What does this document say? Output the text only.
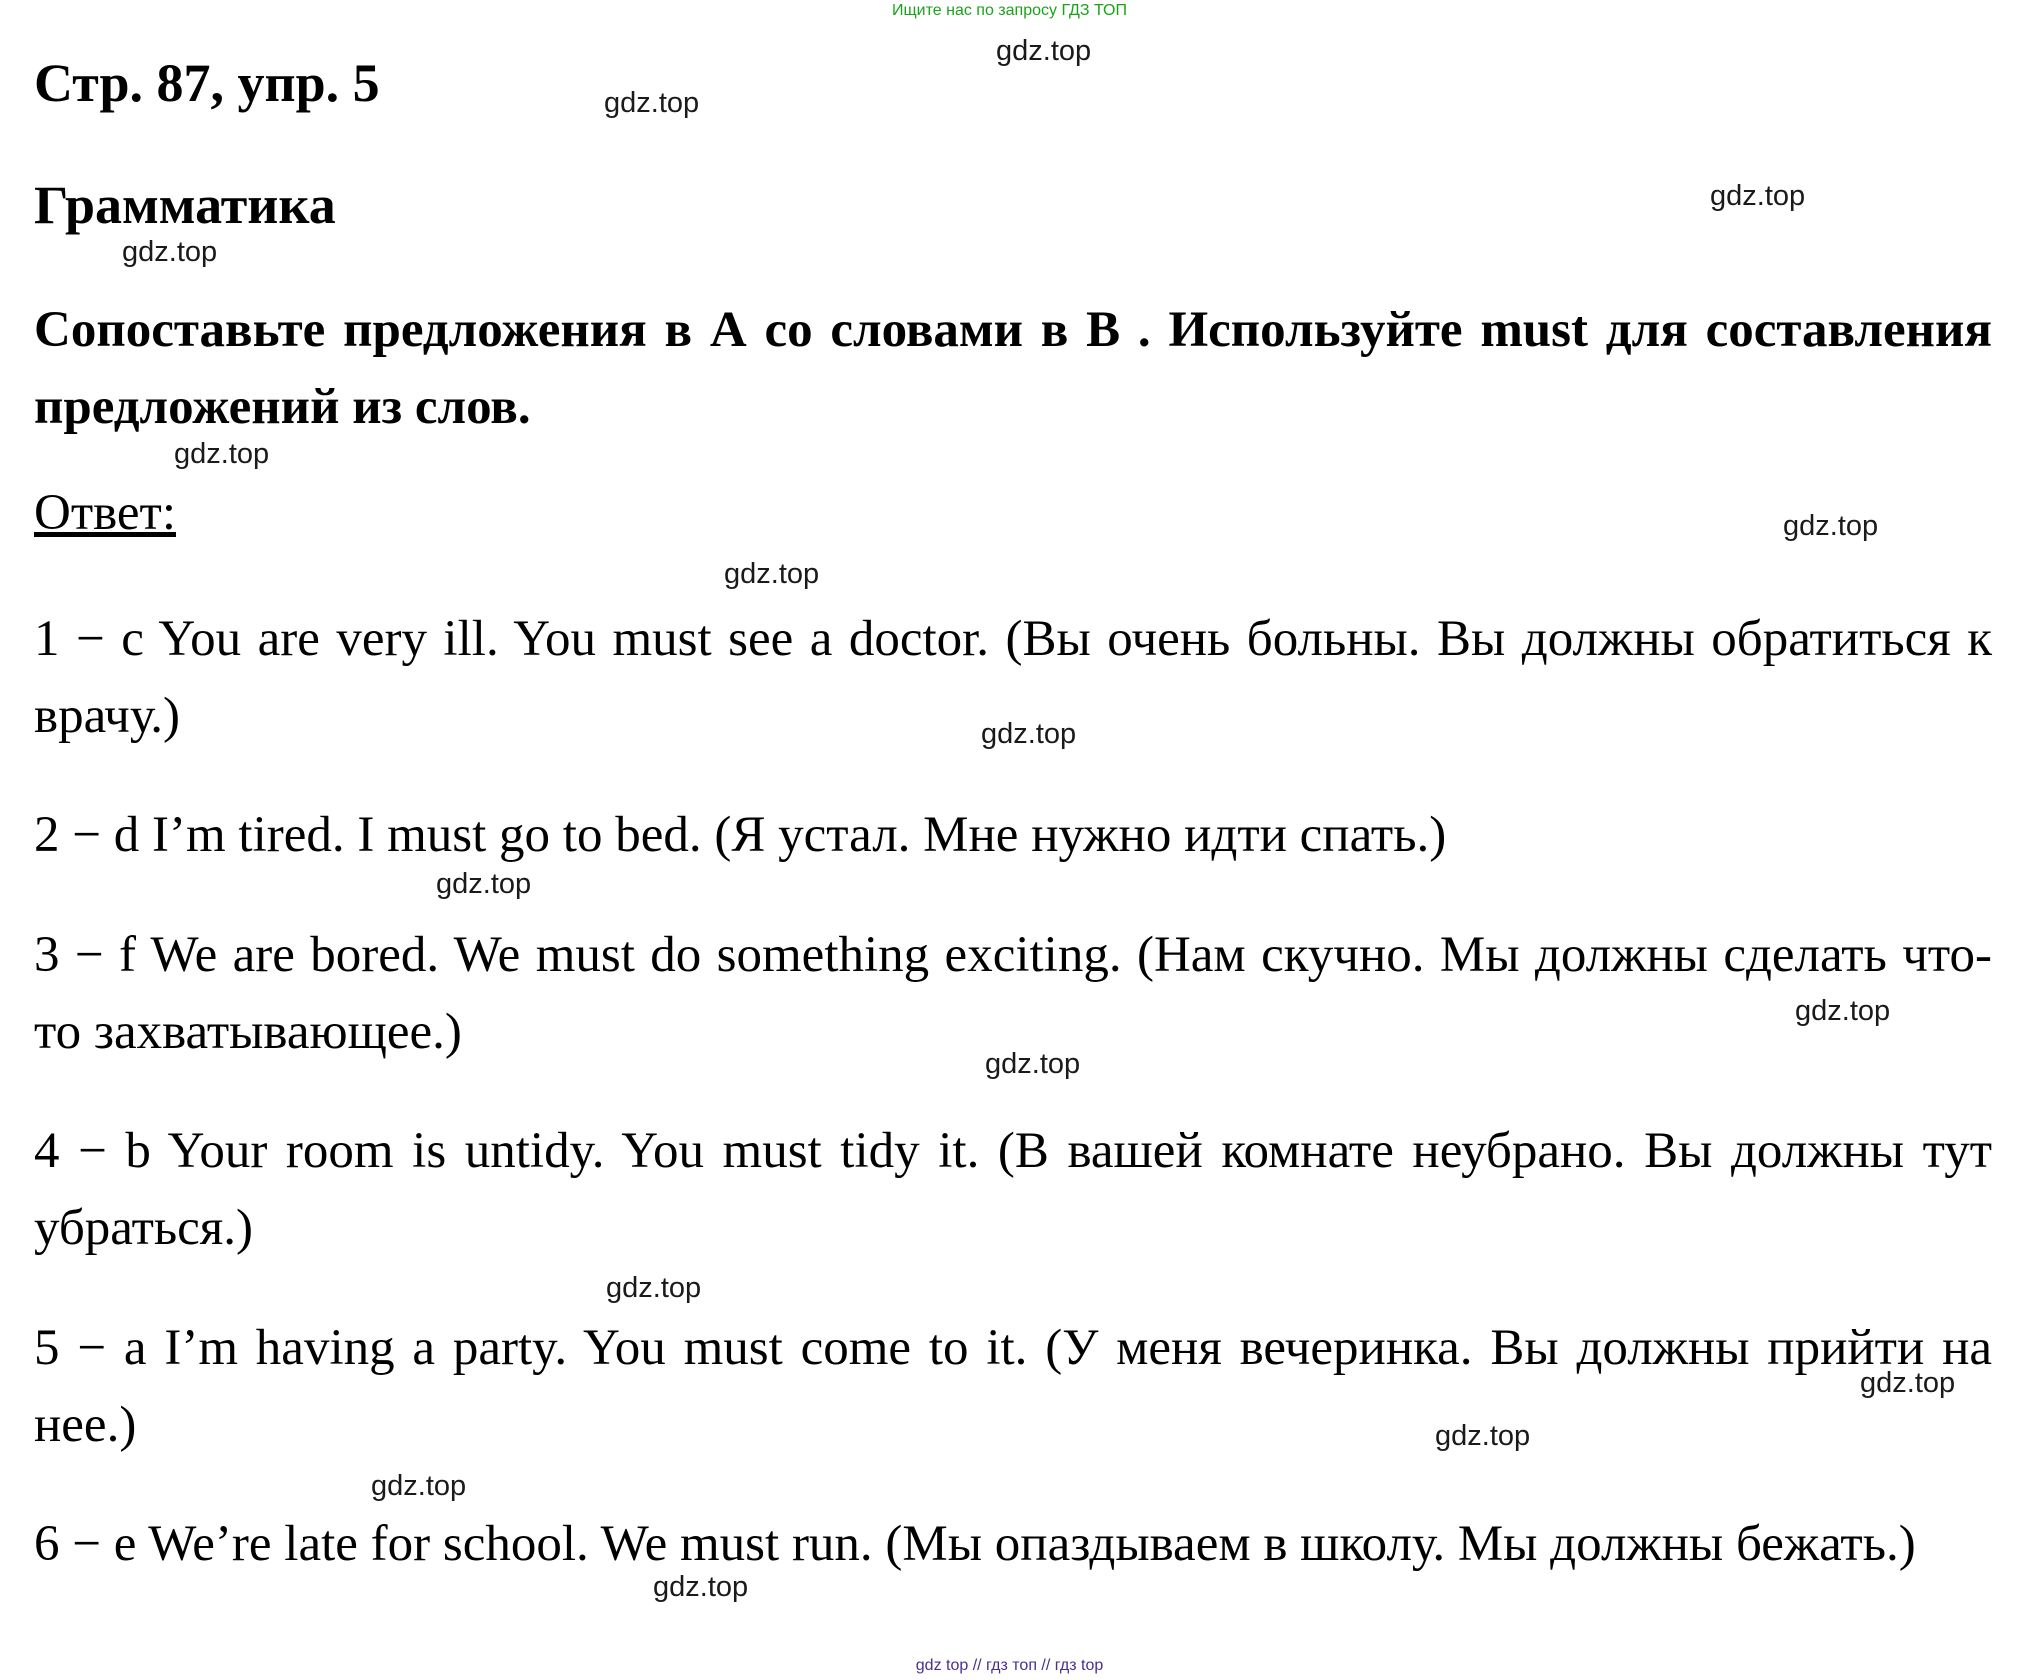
Ищите нас по запросу ГДЗ ТОП
Стр. 87, упр. 5
Грамматика

Сопоставьте предложения в А со словами в В . Используйте must для составления предложений из слов.

Ответ:

1 − c You are very ill. You must see a doctor. (Вы очень больны. Вы должны обратиться к врачу.)

2 − d I’m tired. I must go to bed. (Я устал. Мне нужно идти спать.)

3 − f We are bored. We must do something exciting. (Нам скучно. Мы должны сделать что-то захватывающее.)

4 − b Your room is untidy. You must tidy it. (В вашей комнате неубрано. Вы должны тут убраться.)

5 − a I’m having a party. You must come to it. (У меня вечеринка. Вы должны прийти на нее.)

6 − e We’re late for school. We must run. (Мы опаздываем в школу. Мы должны бежать.)

gdz.top
gdz.top
gdz.top
gdz.top
gdz.top
gdz.top
gdz.top
gdz.top
gdz.top
gdz.top
gdz.top
gdz.top
gdz.top
gdz.top
gdz.top
gdz.top
gdz top // гдз топ // гдз top
